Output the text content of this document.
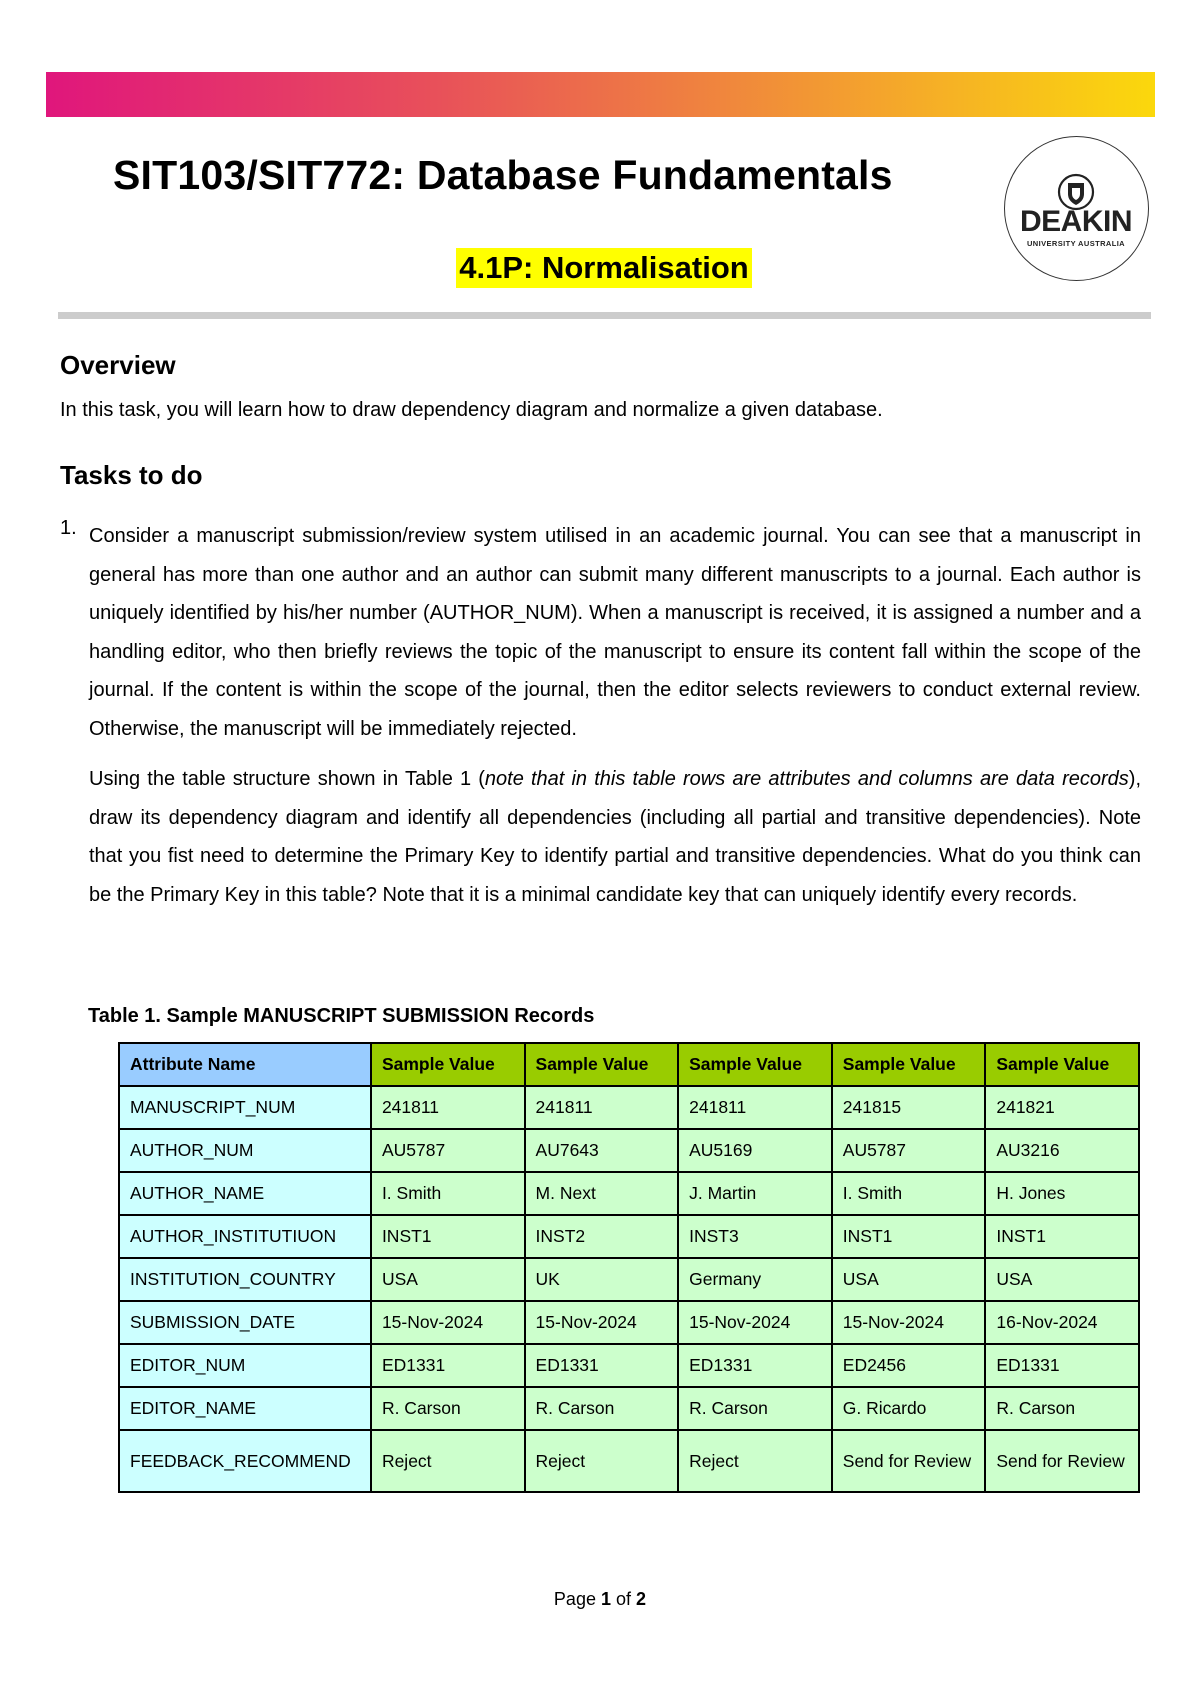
SIT103/SIT772: Database Fundamentals
4.1P: Normalisation
DEAKIN
UNIVERSITY AUSTRALIA
Overview
In this task, you will learn how to draw dependency diagram and normalize a given database.
Tasks to do
1. Consider a manuscript submission/review system utilised in an academic journal. You can see that a manuscript in general has more than one author and an author can submit many different manuscripts to a journal. Each author is uniquely identified by his/her number (AUTHOR_NUM). When a manuscript is received, it is assigned a number and a handling editor, who then briefly reviews the topic of the manuscript to ensure its content fall within the scope of the journal. If the content is within the scope of the journal, then the editor selects reviewers to conduct external review. Otherwise, the manuscript will be immediately rejected.

Using the table structure shown in Table 1 (note that in this table rows are attributes and columns are data records), draw its dependency diagram and identify all dependencies (including all partial and transitive dependencies). Note that you fist need to determine the Primary Key to identify partial and transitive dependencies. What do you think can be the Primary Key in this table? Note that it is a minimal candidate key that can uniquely identify every records.

Table 1. Sample MANUSCRIPT SUBMISSION Records
Attribute Name	Sample Value	Sample Value	Sample Value	Sample Value	Sample Value
MANUSCRIPT_NUM	241811	241811	241811	241815	241821
AUTHOR_NUM	AU5787	AU7643	AU5169	AU5787	AU3216
AUTHOR_NAME	I. Smith	M. Next	J. Martin	I. Smith	H. Jones
AUTHOR_INSTITUTIUON	INST1	INST2	INST3	INST1	INST1
INSTITUTION_COUNTRY	USA	UK	Germany	USA	USA
SUBMISSION_DATE	15-Nov-2024	15-Nov-2024	15-Nov-2024	15-Nov-2024	16-Nov-2024
EDITOR_NUM	ED1331	ED1331	ED1331	ED2456	ED1331
EDITOR_NAME	R. Carson	R. Carson	R. Carson	G. Ricardo	R. Carson
FEEDBACK_RECOMMEND	Reject	Reject	Reject	Send for Review	Send for Review
Page 1 of 2
